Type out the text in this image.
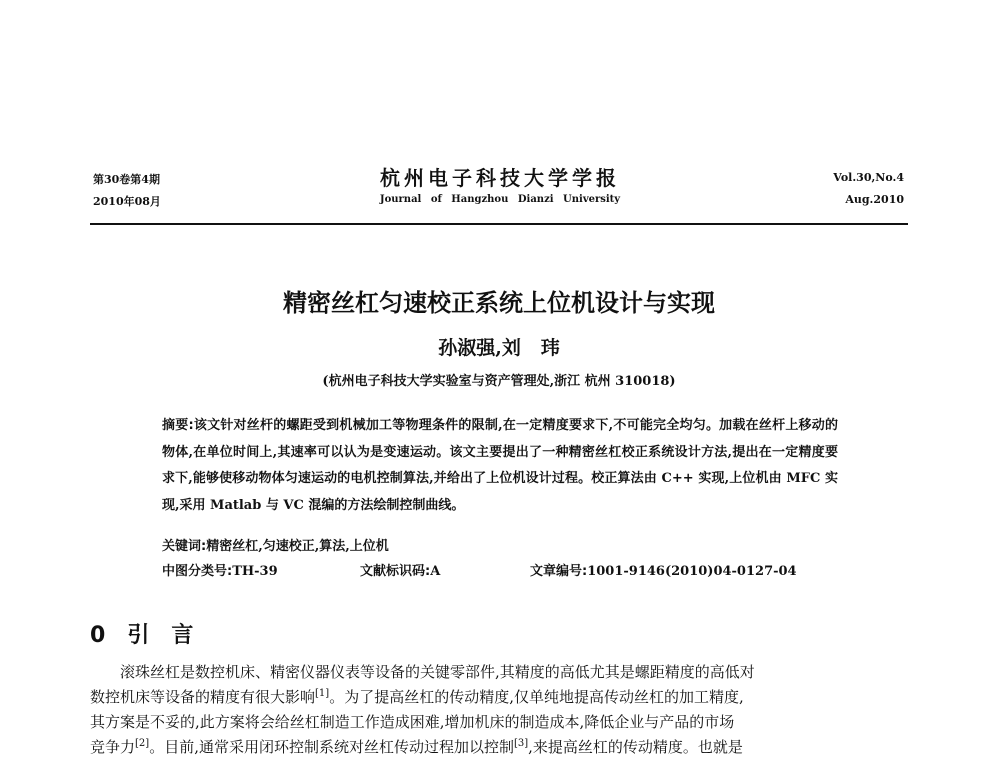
第30卷第4期
2010年08月
杭州电子科技大学学报
Journal of Hangzhou Dianzi University
Vol.30,No.4
Aug.2010
精密丝杠匀速校正系统上位机设计与实现
孙淑强,刘   玮
(杭州电子科技大学实验室与资产管理处,浙江 杭州 310018)
摘要:该文针对丝杆的螺距受到机械加工等物理条件的限制,在一定精度要求下,不可能完全均匀。加载在丝杆上移动的物体,在单位时间上,其速率可以认为是变速运动。该文主要提出了一种精密丝杠校正系统设计方法,提出在一定精度要求下,能够使移动物体匀速运动的电机控制算法,并给出了上位机设计过程。校正算法由 C++ 实现,上位机由 MFC 实现,采用 Matlab 与 VC 混编的方法绘制控制曲线。
关键词:精密丝杠,匀速校正,算法,上位机
中图分类号:TH-39	文献标识码:A	文章编号:1001-9146(2010)04-0127-04
0 引言
滚珠丝杠是数控机床、精密仪器仪表等设备的关键零部件,其精度的高低尤其是螺距精度的高低对
数控机床等设备的精度有很大影响[1]。为了提高丝杠的传动精度,仅单纯地提高传动丝杠的加工精度,
其方案是不妥的,此方案将会给丝杠制造工作造成困难,增加机床的制造成本,降低企业与产品的市场
竞争力[2]。目前,通常采用闭环控制系统对丝杠传动过程加以控制[3],来提高丝杠的传动精度。也就是
